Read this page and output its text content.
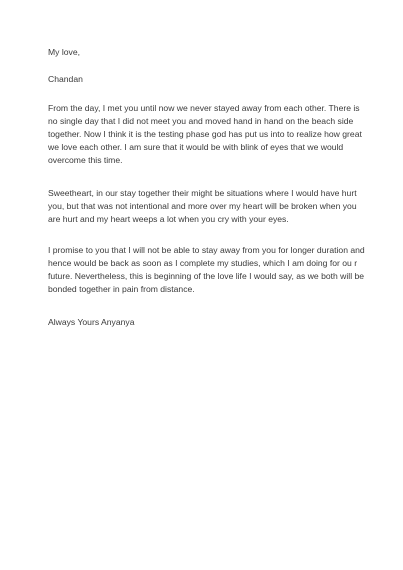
My love,
Chandan
From the day, I met you until now we never stayed away from each other. There is
no single day that I did not meet you and moved hand in hand on the beach side
together. Now I think it is the testing phase god has put us into to realize how great
we love each other. I am sure that it would be with blink of eyes that we would
overcome this time.
Sweetheart, in our stay together their might be situations where I would have hurt
you, but that was not intentional and more over my heart will be broken when you
are hurt and my heart weeps a lot when you cry with your eyes.
I promise to you that I will not be able to stay away from you for longer duration and
hence would be back as soon as I complete my studies, which I am doing for ou r
future. Nevertheless, this is beginning of the love life I would say, as we both will be
bonded together in pain from distance.
Always Yours Anyanya
